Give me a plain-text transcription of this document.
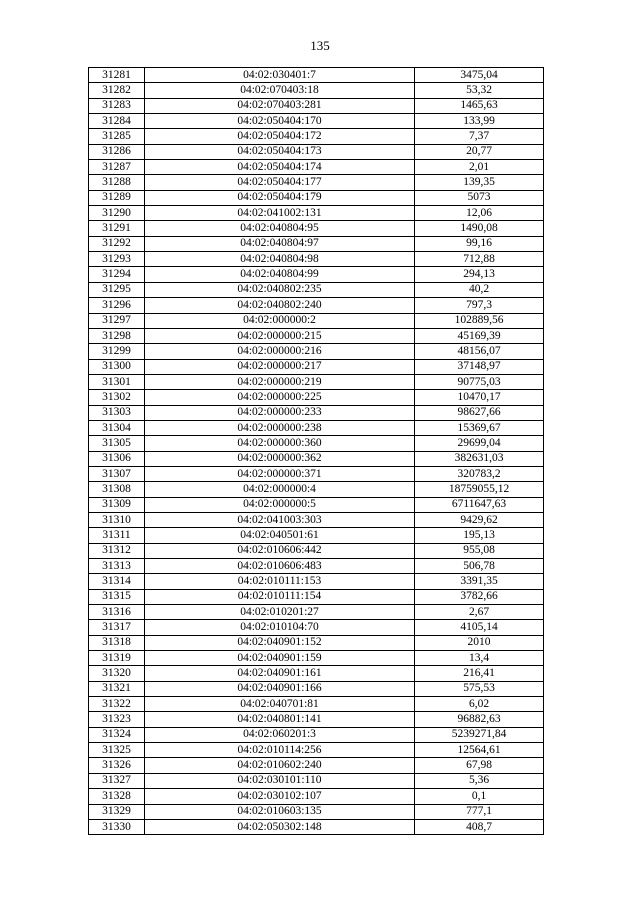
135
31281	04:02:030401:7	3475,04
31282	04:02:070403:18	53,32
31283	04:02:070403:281	1465,63
31284	04:02:050404:170	133,99
31285	04:02:050404:172	7,37
31286	04:02:050404:173	20,77
31287	04:02:050404:174	2,01
31288	04:02:050404:177	139,35
31289	04:02:050404:179	5073
31290	04:02:041002:131	12,06
31291	04:02:040804:95	1490,08
31292	04:02:040804:97	99,16
31293	04:02:040804:98	712,88
31294	04:02:040804:99	294,13
31295	04:02:040802:235	40,2
31296	04:02:040802:240	797,3
31297	04:02:000000:2	102889,56
31298	04:02:000000:215	45169,39
31299	04:02:000000:216	48156,07
31300	04:02:000000:217	37148,97
31301	04:02:000000:219	90775,03
31302	04:02:000000:225	10470,17
31303	04:02:000000:233	98627,66
31304	04:02:000000:238	15369,67
31305	04:02:000000:360	29699,04
31306	04:02:000000:362	382631,03
31307	04:02:000000:371	320783,2
31308	04:02:000000:4	18759055,12
31309	04:02:000000:5	6711647,63
31310	04:02:041003:303	9429,62
31311	04:02:040501:61	195,13
31312	04:02:010606:442	955,08
31313	04:02:010606:483	506,78
31314	04:02:010111:153	3391,35
31315	04:02:010111:154	3782,66
31316	04:02:010201:27	2,67
31317	04:02:010104:70	4105,14
31318	04:02:040901:152	2010
31319	04:02:040901:159	13,4
31320	04:02:040901:161	216,41
31321	04:02:040901:166	575,53
31322	04:02:040701:81	6,02
31323	04:02:040801:141	96882,63
31324	04:02:060201:3	5239271,84
31325	04:02:010114:256	12564,61
31326	04:02:010602:240	67,98
31327	04:02:030101:110	5,36
31328	04:02:030102:107	0,1
31329	04:02:010603:135	777,1
31330	04:02:050302:148	408,7
